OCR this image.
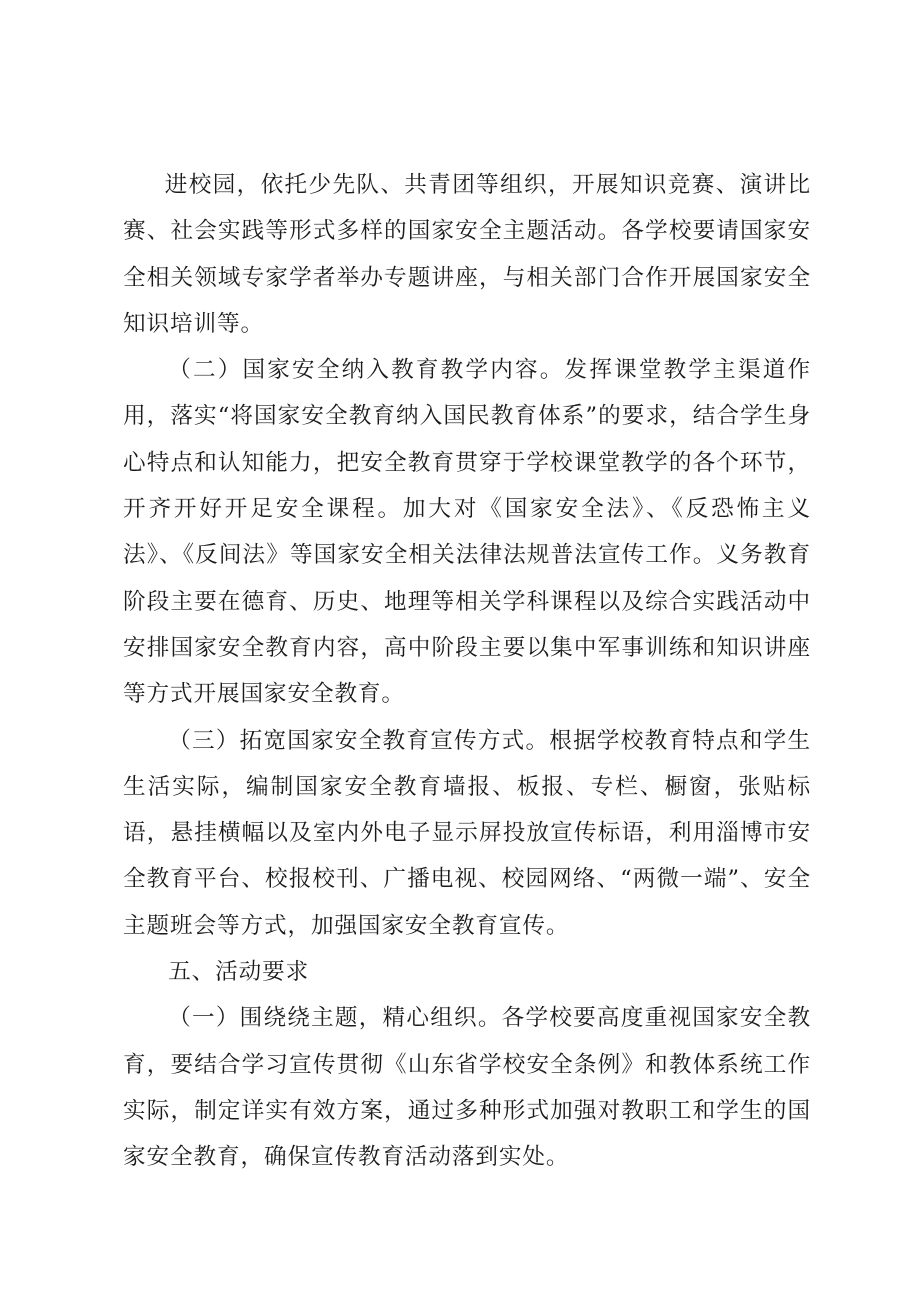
进校园，依托少先队、共青团等组织，开展知识竞赛、演讲比赛、社会实践等形式多样的国家安全主题活动。各学校要请国家安全相关领域专家学者举办专题讲座，与相关部门合作开展国家安全知识培训等。

（二）国家安全纳入教育教学内容。发挥课堂教学主渠道作用，落实“将国家安全教育纳入国民教育体系”的要求，结合学生身心特点和认知能力，把安全教育贯穿于学校课堂教学的各个环节，开齐开好开足安全课程。加大对《国家安全法》、《反恐怖主义法》、《反间法》等国家安全相关法律法规普法宣传工作。义务教育阶段主要在德育、历史、地理等相关学科课程以及综合实践活动中安排国家安全教育内容，高中阶段主要以集中军事训练和知识讲座等方式开展国家安全教育。

（三）拓宽国家安全教育宣传方式。根据学校教育特点和学生生活实际，编制国家安全教育墙报、板报、专栏、橱窗，张贴标语，悬挂横幅以及室内外电子显示屏投放宣传标语，利用淄博市安全教育平台、校报校刊、广播电视、校园网络、“两微一端”、安全主题班会等方式，加强国家安全教育宣传。

五、活动要求

（一）围绕绕主题，精心组织。各学校要高度重视国家安全教育，要结合学习宣传贯彻《山东省学校安全条例》和教体系统工作实际，制定详实有效方案，通过多种形式加强对教职工和学生的国家安全教育，确保宣传教育活动落到实处。
